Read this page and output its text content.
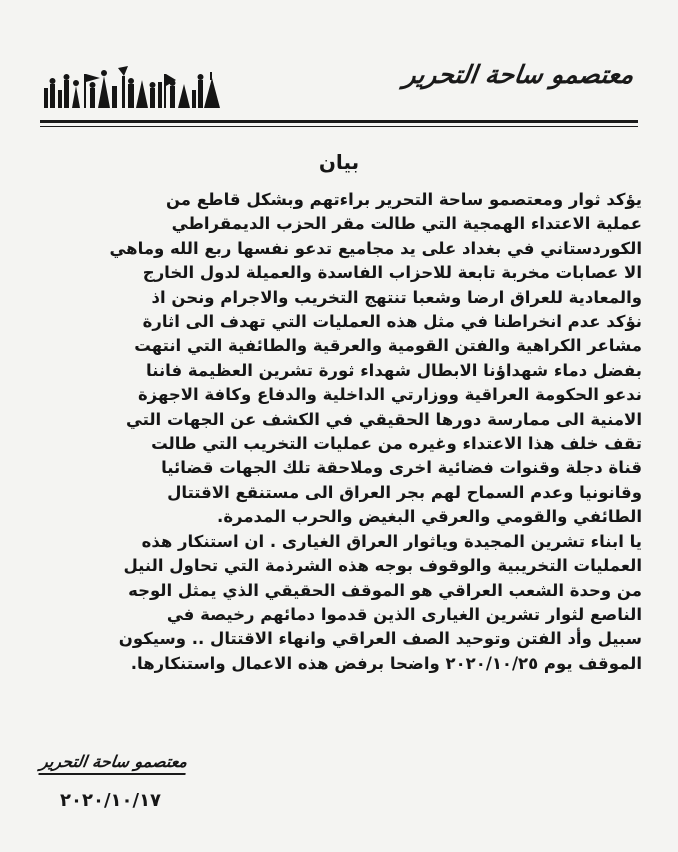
معتصمو ساحة التحرير
بيان

يؤكد ثوار ومعتصمو ساحة التحرير براءتهم وبشكل قاطع من

عملية الاعتداء الهمجية التي طالت مقر الحزب الديمقراطي

الكوردستاني في بغداد على يد مجاميع تدعو نفسها ربع الله وماهي

الا عصابات مخربة تابعة للاحزاب الفاسدة والعميلة لدول الخارج

والمعادية للعراق ارضا وشعبا تنتهج التخريب والاجرام ونحن اذ

نؤكد عدم انخراطنا في مثل هذه العمليات التي تهدف الى اثارة

مشاعر الكراهية والفتن القومية والعرقية والطائفية التي انتهت

بفضل دماء شهداؤنا الابطال شهداء ثورة تشرين العظيمة فاننا

ندعو الحكومة العراقية ووزارتي الداخلية والدفاع وكافة الاجهزة

الامنية الى ممارسة دورها الحقيقي في الكشف عن الجهات التي

تقف خلف هذا الاعتداء وغيره من عمليات التخريب التي طالت

قناة دجلة وقنوات فضائية اخرى وملاحقة تلك الجهات قضائيا

وقانونيا وعدم السماح لهم بجر العراق الى مستنقع الاقتتال

الطائفي والقومي والعرقي البغيض والحرب المدمرة.

يا ابناء تشرين المجيدة وياثوار العراق الغيارى . ان استنكار هذه

العمليات التخريبية والوقوف بوجه هذه الشرذمة التي تحاول النيل

من وحدة الشعب العراقي هو الموقف الحقيقي الذي يمثل الوجه

الناصع لثوار تشرين الغيارى الذين قدموا دمائهم رخيصة في

سبيل وأد الفتن وتوحيد الصف العراقي وانهاء الاقتتال .. وسيكون

الموقف يوم ٢٠٢٠/١٠/٢٥ واضحا برفض هذه الاعمال واستنكارها.

معتصمو ساحة التحرير
٢٠٢٠/١٠/١٧
